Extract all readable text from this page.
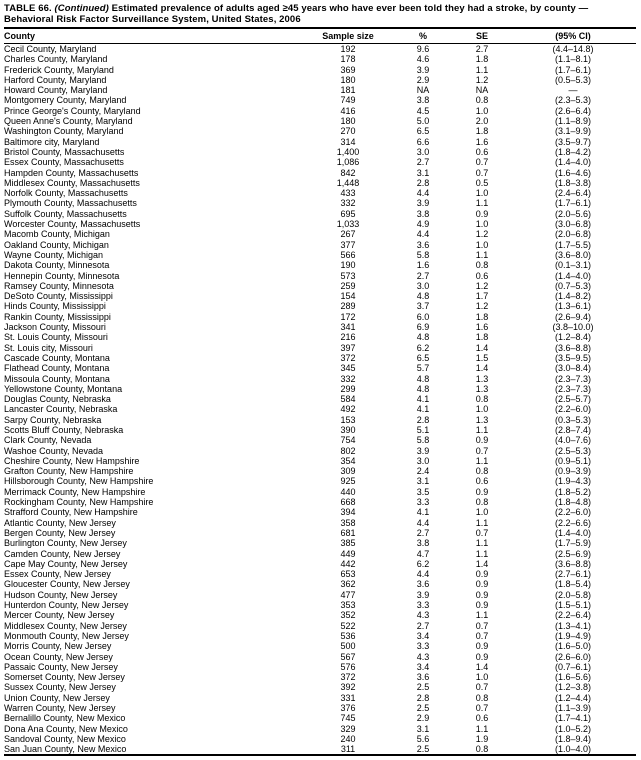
TABLE 66. (Continued) Estimated prevalence of adults aged ≥45 years who have ever been told they had a stroke, by county — Behavioral Risk Factor Surveillance System, United States, 2006
County	Sample size	%	SE	(95% CI)
Cecil County, Maryland	192	9.6	2.7	(4.4–14.8)
Charles County, Maryland	178	4.6	1.8	(1.1–8.1)
Frederick County, Maryland	369	3.9	1.1	(1.7–6.1)
Harford County, Maryland	180	2.9	1.2	(0.5–5.3)
Howard County, Maryland	181	NA	NA	—
Montgomery County, Maryland	749	3.8	0.8	(2.3–5.3)
Prince George's County, Maryland	416	4.5	1.0	(2.6–6.4)
Queen Anne's County, Maryland	180	5.0	2.0	(1.1–8.9)
Washington County, Maryland	270	6.5	1.8	(3.1–9.9)
Baltimore city, Maryland	314	6.6	1.6	(3.5–9.7)
Bristol County, Massachusetts	1,400	3.0	0.6	(1.8–4.2)
Essex County, Massachusetts	1,086	2.7	0.7	(1.4–4.0)
Hampden County, Massachusetts	842	3.1	0.7	(1.6–4.6)
Middlesex County, Massachusetts	1,448	2.8	0.5	(1.8–3.8)
Norfolk County, Massachusetts	433	4.4	1.0	(2.4–6.4)
Plymouth County, Massachusetts	332	3.9	1.1	(1.7–6.1)
Suffolk County, Massachusetts	695	3.8	0.9	(2.0–5.6)
Worcester County, Massachusetts	1,033	4.9	1.0	(3.0–6.8)
Macomb County, Michigan	267	4.4	1.2	(2.0–6.8)
Oakland County, Michigan	377	3.6	1.0	(1.7–5.5)
Wayne County, Michigan	566	5.8	1.1	(3.6–8.0)
Dakota County, Minnesota	190	1.6	0.8	(0.1–3.1)
Hennepin County, Minnesota	573	2.7	0.6	(1.4–4.0)
Ramsey County, Minnesota	259	3.0	1.2	(0.7–5.3)
DeSoto County, Mississippi	154	4.8	1.7	(1.4–8.2)
Hinds County, Mississippi	289	3.7	1.2	(1.3–6.1)
Rankin County, Mississippi	172	6.0	1.8	(2.6–9.4)
Jackson County, Missouri	341	6.9	1.6	(3.8–10.0)
St. Louis County, Missouri	216	4.8	1.8	(1.2–8.4)
St. Louis city, Missouri	397	6.2	1.4	(3.6–8.8)
Cascade County, Montana	372	6.5	1.5	(3.5–9.5)
Flathead County, Montana	345	5.7	1.4	(3.0–8.4)
Missoula County, Montana	332	4.8	1.3	(2.3–7.3)
Yellowstone County, Montana	299	4.8	1.3	(2.3–7.3)
Douglas County, Nebraska	584	4.1	0.8	(2.5–5.7)
Lancaster County, Nebraska	492	4.1	1.0	(2.2–6.0)
Sarpy County, Nebraska	153	2.8	1.3	(0.3–5.3)
Scotts Bluff County, Nebraska	390	5.1	1.1	(2.8–7.4)
Clark County, Nevada	754	5.8	0.9	(4.0–7.6)
Washoe County, Nevada	802	3.9	0.7	(2.5–5.3)
Cheshire County, New Hampshire	354	3.0	1.1	(0.9–5.1)
Grafton County, New Hampshire	309	2.4	0.8	(0.9–3.9)
Hillsborough County, New Hampshire	925	3.1	0.6	(1.9–4.3)
Merrimack County, New Hampshire	440	3.5	0.9	(1.8–5.2)
Rockingham County, New Hampshire	668	3.3	0.8	(1.8–4.8)
Strafford County, New Hampshire	394	4.1	1.0	(2.2–6.0)
Atlantic County, New Jersey	358	4.4	1.1	(2.2–6.6)
Bergen County, New Jersey	681	2.7	0.7	(1.4–4.0)
Burlington County, New Jersey	385	3.8	1.1	(1.7–5.9)
Camden County, New Jersey	449	4.7	1.1	(2.5–6.9)
Cape May County, New Jersey	442	6.2	1.4	(3.6–8.8)
Essex County, New Jersey	653	4.4	0.9	(2.7–6.1)
Gloucester County, New Jersey	362	3.6	0.9	(1.8–5.4)
Hudson County, New Jersey	477	3.9	0.9	(2.0–5.8)
Hunterdon County, New Jersey	353	3.3	0.9	(1.5–5.1)
Mercer County, New Jersey	352	4.3	1.1	(2.2–6.4)
Middlesex County, New Jersey	522	2.7	0.7	(1.3–4.1)
Monmouth County, New Jersey	536	3.4	0.7	(1.9–4.9)
Morris County, New Jersey	500	3.3	0.9	(1.6–5.0)
Ocean County, New Jersey	567	4.3	0.9	(2.6–6.0)
Passaic County, New Jersey	576	3.4	1.4	(0.7–6.1)
Somerset County, New Jersey	372	3.6	1.0	(1.6–5.6)
Sussex County, New Jersey	392	2.5	0.7	(1.2–3.8)
Union County, New Jersey	331	2.8	0.8	(1.2–4.4)
Warren County, New Jersey	376	2.5	0.7	(1.1–3.9)
Bernalillo County, New Mexico	745	2.9	0.6	(1.7–4.1)
Dona Ana County, New Mexico	329	3.1	1.1	(1.0–5.2)
Sandoval County, New Mexico	240	5.6	1.9	(1.8–9.4)
San Juan County, New Mexico	311	2.5	0.8	(1.0–4.0)
